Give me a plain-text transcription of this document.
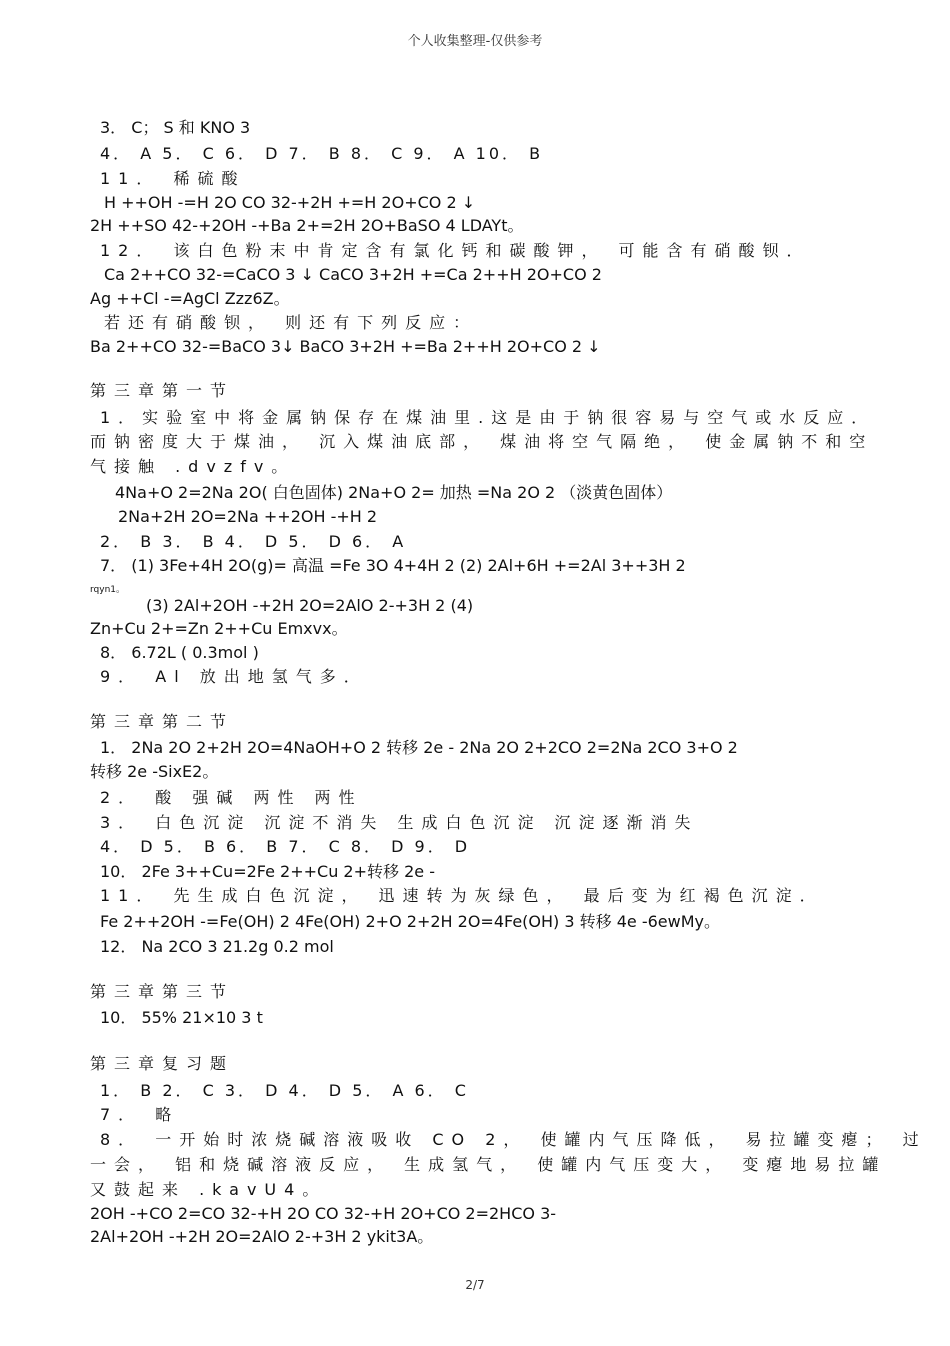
个人收集整理-仅供参考
3． C； S 和 KNO 3
4． A 5． C 6． D 7． B 8． C 9． A 10． B
11． 稀硫酸
H ++OH -=H 2O CO 32-+2H +=H 2O+CO 2 ↓
2H ++SO 42-+2OH -+Ba 2+=2H 2O+BaSO 4 LDAYt。
12． 该白色粉末中肯定含有氯化钙和碳酸钾， 可能含有硝酸钡．
Ca 2++CO 32-=CaCO 3 ↓ CaCO 3+2H +=Ca 2++H 2O+CO 2
Ag ++Cl -=AgCl Zzz6Z。
若还有硝酸钡， 则还有下列反应：
Ba 2++CO 32-=BaCO 3↓ BaCO 3+2H +=Ba 2++H 2O+CO 2 ↓
第三章第一节
1．实验室中将金属钠保存在煤油里.这是由于钠很容易与空气或水反应．
而钠密度大于煤油， 沉入煤油底部， 煤油将空气隔绝， 使金属钠不和空
气接触 .dvzfv。
4Na+O 2=2Na 2O( 白色固体) 2Na+O 2= 加热 =Na 2O 2 （淡黄色固体）
2Na+2H 2O=2Na ++2OH -+H 2
2． B 3． B 4． D 5． D 6． A
7． (1) 3Fe+4H 2O(g)= 高温 =Fe 3O 4+4H 2 (2) 2Al+6H +=2Al 3++3H 2
rqyn1。
(3) 2Al+2OH -+2H 2O=2AlO 2-+3H 2 (4)
Zn+Cu 2+=Zn 2++Cu Emxvx。
8． 6.72L ( 0.3mol )
9． Al 放出地氢气多．
第三章第二节
1． 2Na 2O 2+2H 2O=4NaOH+O 2 转移 2e - 2Na 2O 2+2CO 2=2Na 2CO 3+O 2
转移 2e -SixE2。
2． 酸 强碱 两性 两性
3． 白色沉淀 沉淀不消失 生成白色沉淀 沉淀逐渐消失
4． D 5． B 6． B 7． C 8． D 9． D
10． 2Fe 3++Cu=2Fe 2++Cu 2+转移 2e -
11． 先生成白色沉淀， 迅速转为灰绿色， 最后变为红褐色沉淀．
Fe 2++2OH -=Fe(OH) 2 4Fe(OH) 2+O 2+2H 2O=4Fe(OH) 3 转移 4e -6ewMy。
12． Na 2CO 3 21.2g 0.2 mol
第三章第三节
10． 55% 21×10 3 t
第三章复习题
1． B 2． C 3． D 4． D 5． A 6． C
7． 略
8． 一开始时浓烧碱溶液吸收 CO 2， 使罐内气压降低， 易拉罐变瘪； 过
一会， 铝和烧碱溶液反应， 生成氢气， 使罐内气压变大， 变瘪地易拉罐
又鼓起来 .kavU4。
2OH -+CO 2=CO 32-+H 2O CO 32-+H 2O+CO 2=2HCO 3-
2Al+2OH -+2H 2O=2AlO 2-+3H 2 ykit3A。
2/7
